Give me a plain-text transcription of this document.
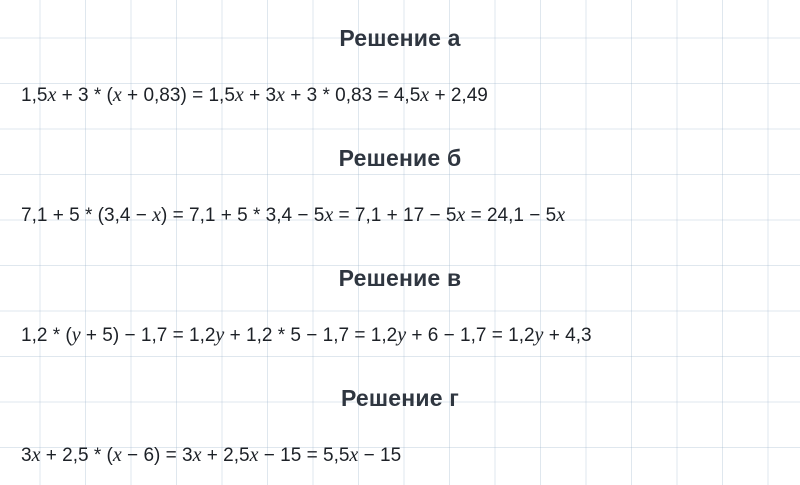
Решение а
1,5x + 3 * (x + 0,83) = 1,5x + 3x + 3 * 0,83 = 4,5x + 2,49
Решение б
7,1 + 5 * (3,4 − x) = 7,1 + 5 * 3,4 − 5x = 7,1 + 17 − 5x = 24,1 − 5x
Решение в
1,2 * (y + 5) − 1,7 = 1,2y + 1,2 * 5 − 1,7 = 1,2y + 6 − 1,7 = 1,2y + 4,3
Решение г
3x + 2,5 * (x − 6) = 3x + 2,5x − 15 = 5,5x − 15
